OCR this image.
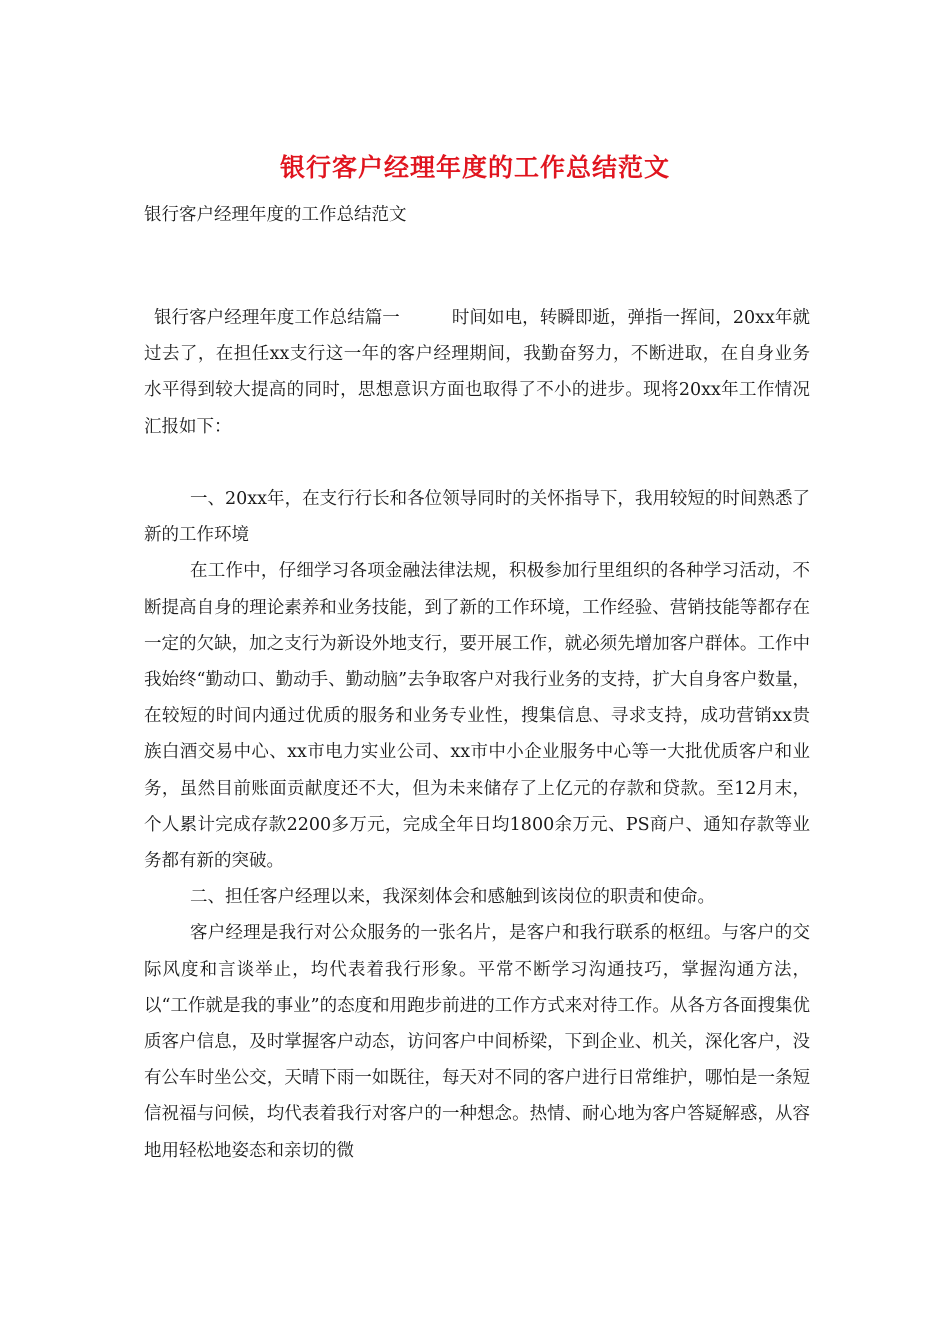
银行客户经理年度的工作总结范文
银行客户经理年度的工作总结范文

银行客户经理年度工作总结篇一	时间如电，转瞬即逝，弹指一挥间，20xx年就过去了，在担任xx支行这一年的客户经理期间，我勤奋努力，不断进取，在自身业务水平得到较大提高的同时，思想意识方面也取得了不小的进步。现将20xx年工作情况汇报如下：

一、20xx年，在支行行长和各位领导同时的关怀指导下，我用较短的时间熟悉了新的工作环境

在工作中，仔细学习各项金融法律法规，积极参加行里组织的各种学习活动，不断提高自身的理论素养和业务技能，到了新的工作环境，工作经验、营销技能等都存在一定的欠缺，加之支行为新设外地支行，要开展工作，就必须先增加客户群体。工作中我始终“勤动口、勤动手、勤动脑”去争取客户对我行业务的支持，扩大自身客户数量，在较短的时间内通过优质的服务和业务专业性，搜集信息、寻求支持，成功营销xx贵族白酒交易中心、xx市电力实业公司、xx市中小企业服务中心等一大批优质客户和业务，虽然目前账面贡献度还不大，但为未来储存了上亿元的存款和贷款。至12月末，个人累计完成存款2200多万元，完成全年日均1800余万元、PS商户、通知存款等业务都有新的突破。

二、担任客户经理以来，我深刻体会和感触到该岗位的职责和使命。

客户经理是我行对公众服务的一张名片，是客户和我行联系的枢纽。与客户的交际风度和言谈举止，均代表着我行形象。平常不断学习沟通技巧，掌握沟通方法，以“工作就是我的事业”的态度和用跑步前进的工作方式来对待工作。从各方各面搜集优质客户信息，及时掌握客户动态，访问客户中间桥梁，下到企业、机关，深化客户，没有公车时坐公交，天晴下雨一如既往，每天对不同的客户进行日常维护，哪怕是一条短信祝福与问候，均代表着我行对客户的一种想念。热情、耐心地为客户答疑解惑，从容地用轻松地姿态和亲切的微
